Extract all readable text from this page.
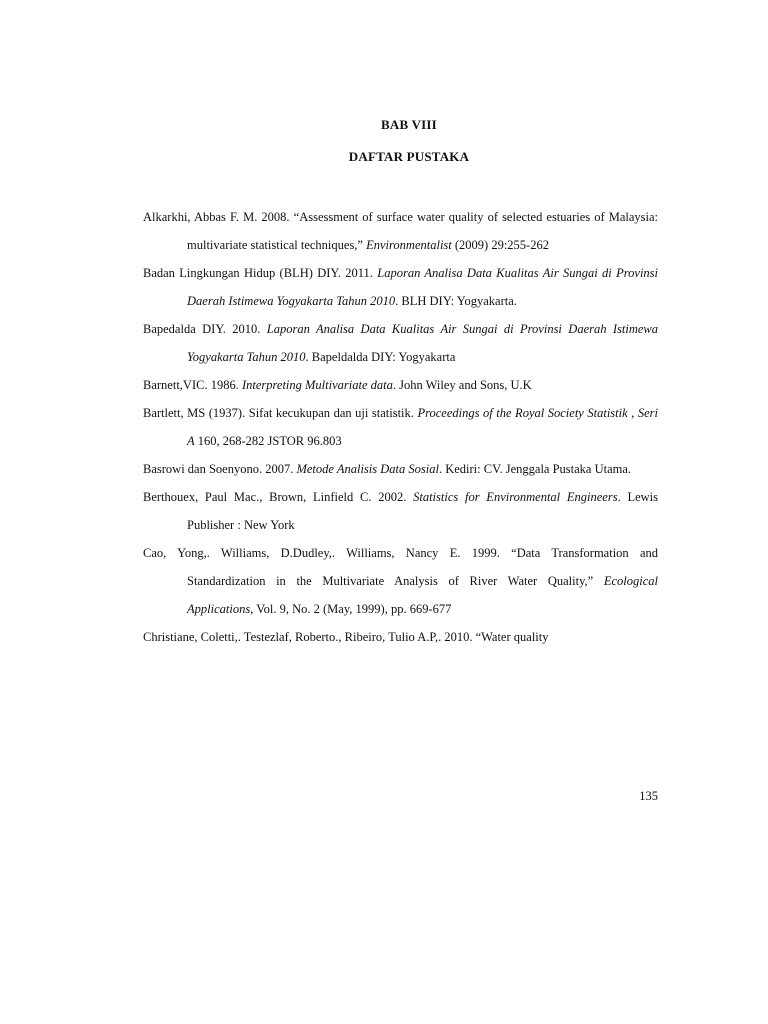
BAB VIII
DAFTAR PUSTAKA

Alkarkhi, Abbas F. M. 2008. “Assessment of surface water quality of selected estuaries of Malaysia: multivariate statistical techniques,” Environmentalist (2009) 29:255-262

Badan Lingkungan Hidup (BLH) DIY. 2011. Laporan Analisa Data Kualitas Air Sungai di Provinsi Daerah Istimewa Yogyakarta Tahun 2010. BLH DIY: Yogyakarta.

Bapedalda DIY. 2010. Laporan Analisa Data Kualitas Air Sungai di Provinsi Daerah Istimewa Yogyakarta Tahun 2010. Bapeldalda DIY: Yogyakarta

Barnett,VIC. 1986. Interpreting Multivariate data. John Wiley and Sons, U.K

Bartlett, MS (1937). Sifat kecukupan dan uji statistik. Proceedings of the Royal Society Statistik , Seri A 160, 268-282 JSTOR 96.803

Basrowi dan Soenyono. 2007. Metode Analisis Data Sosial. Kediri: CV. Jenggala Pustaka Utama.

Berthouex, Paul Mac., Brown, Linfield C. 2002. Statistics for Environmental Engineers. Lewis Publisher : New York

Cao, Yong,. Williams, D.Dudley,. Williams, Nancy E. 1999. “Data Transformation and Standardization in the Multivariate Analysis of River Water Quality,” Ecological Applications, Vol. 9, No. 2 (May, 1999), pp. 669-677

Christiane, Coletti,. Testezlaf, Roberto., Ribeiro, Tulio A.P,. 2010. “Water quality

135
